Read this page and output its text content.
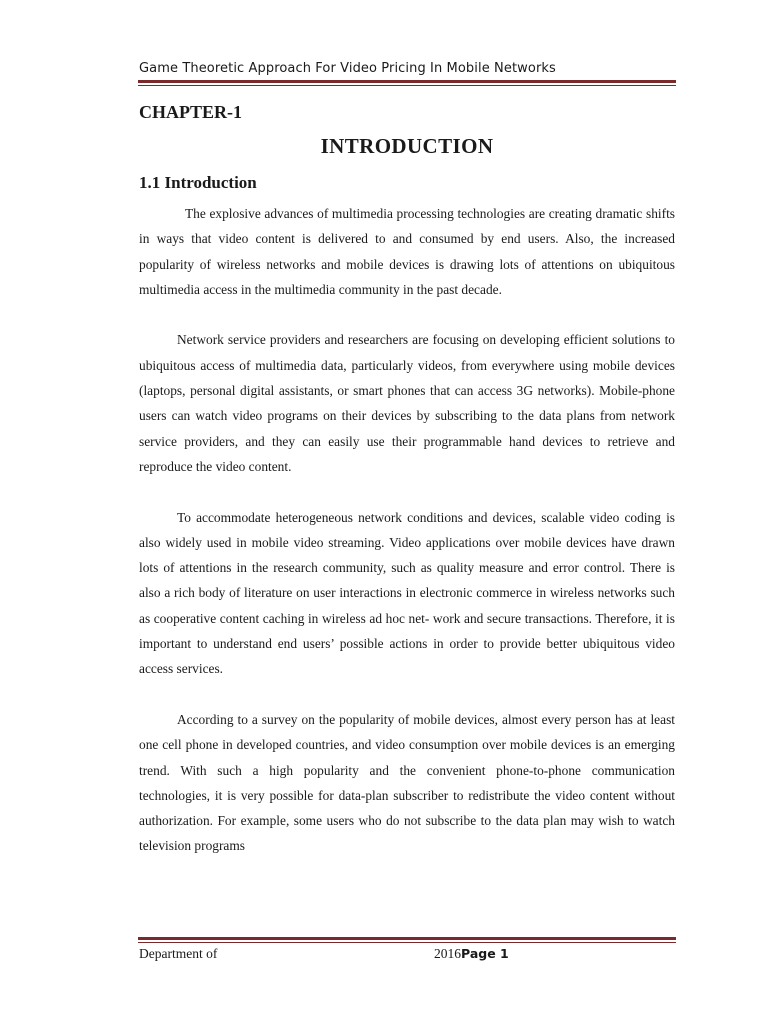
Game Theoretic Approach For Video Pricing In Mobile Networks
CHAPTER-1
INTRODUCTION
1.1 Introduction

The explosive advances of multimedia processing technologies are creating dramatic shifts in ways that video content is delivered to and consumed by end users. Also, the increased popularity of wireless networks and mobile devices is drawing lots of attentions on ubiquitous multimedia access in the multimedia community in the past decade.

Network service providers and researchers are focusing on developing efficient solutions to ubiquitous access of multimedia data, particularly videos, from everywhere using mobile devices (laptops, personal digital assistants, or smart phones that can access 3G networks). Mobile-phone users can watch video programs on their devices by subscribing to the data plans from network service providers, and they can easily use their programmable hand devices to retrieve and reproduce the video content.

To accommodate heterogeneous network conditions and devices, scalable video coding is also widely used in mobile video streaming. Video applications over mobile devices have drawn lots of attentions in the research community, such as quality measure and error control. There is also a rich body of literature on user interactions in electronic commerce in wireless networks such as cooperative content caching in wireless ad hoc net- work and secure transactions. Therefore, it is important to understand end users’ possible actions in order to provide better ubiquitous video access services.

According to a survey on the popularity of mobile devices, almost every person has at least one cell phone in developed countries, and video consumption over mobile devices is an emerging trend. With such a high popularity and the convenient phone-to-phone communication technologies, it is very possible for data-plan subscriber to redistribute the video content without authorization. For example, some users who do not subscribe to the data plan may wish to watch television programs

Department of	2016Page 1
